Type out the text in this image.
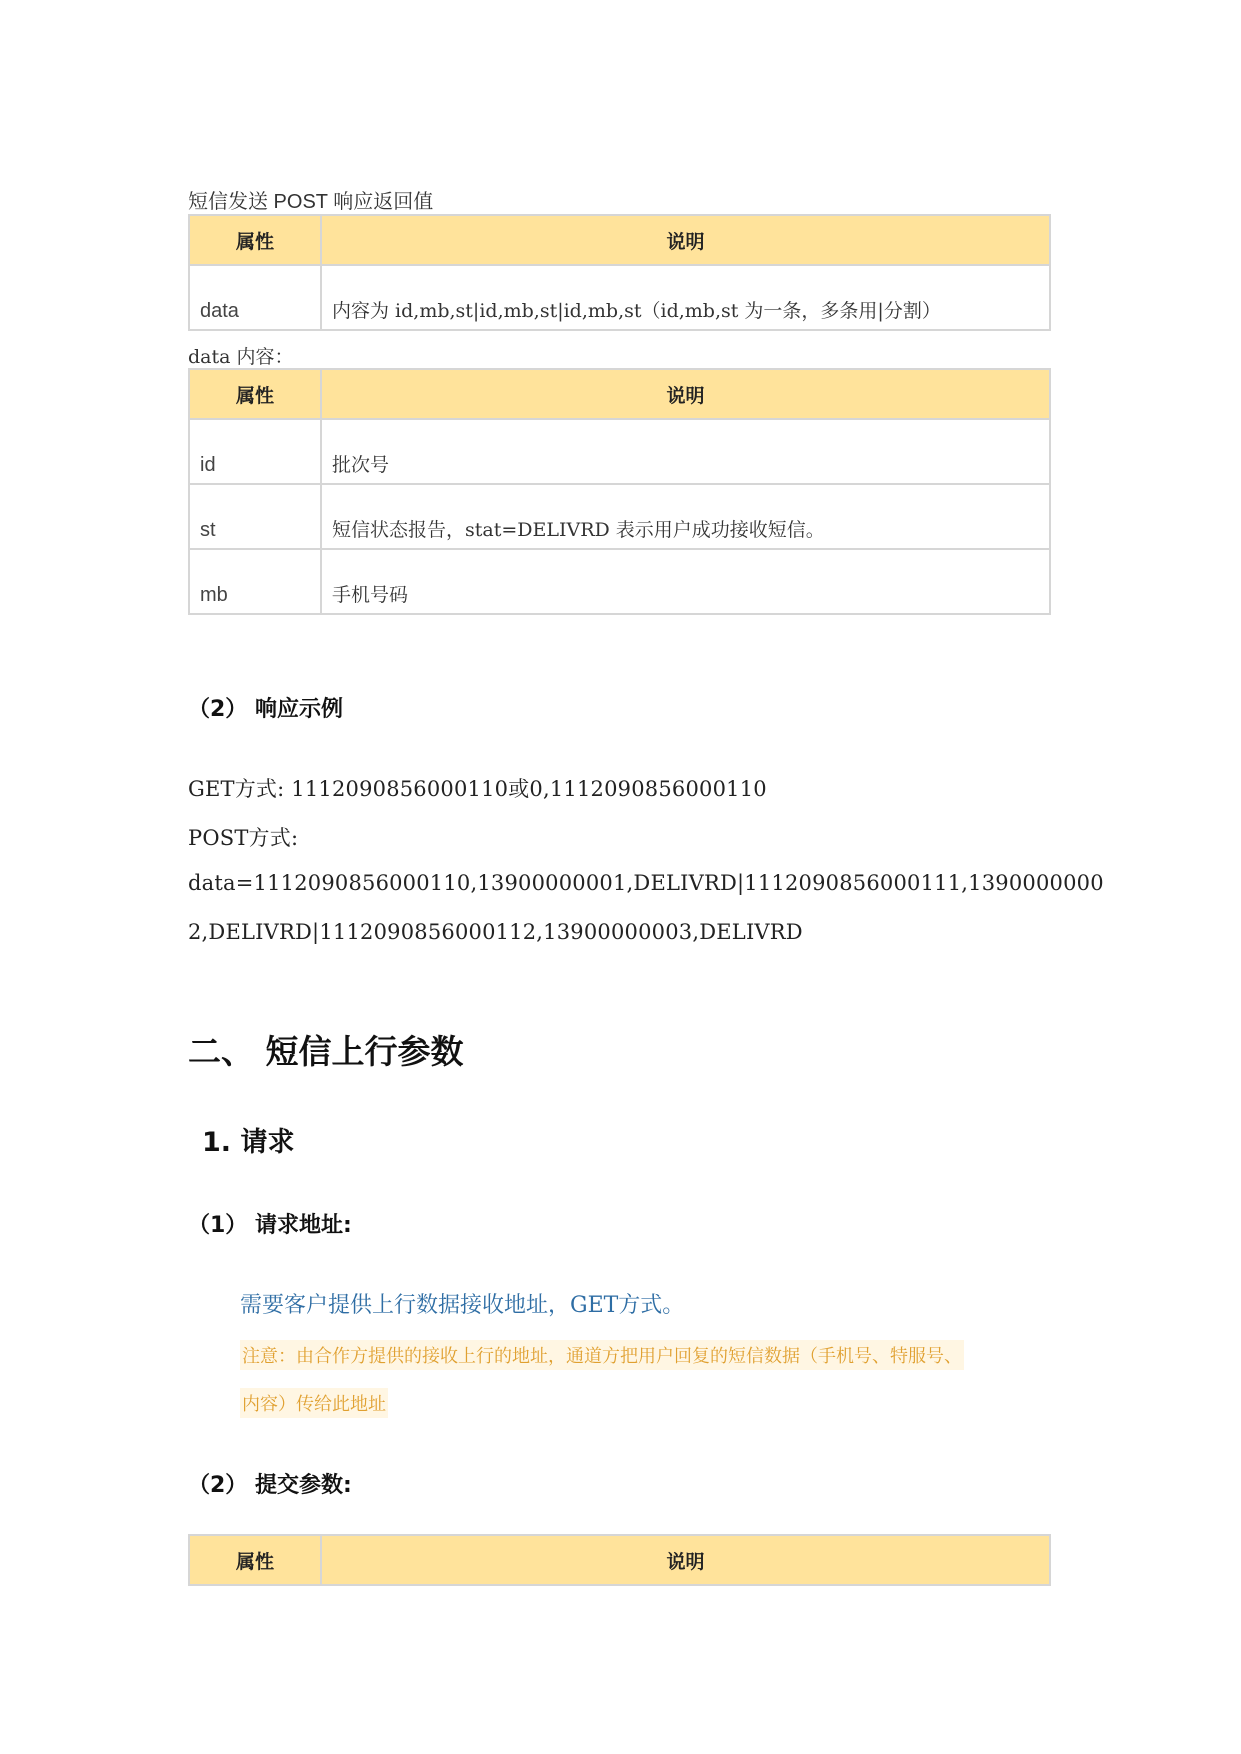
短信发送 POST 响应返回值
属性	说明
data	内容为 id,mb,st|id,mb,st|id,mb,st（id,mb,st 为一条，多条用|分割）
data 内容：
属性	说明
id	批次号
st	短信状态报告，stat=DELIVRD 表示用户成功接收短信。
mb	手机号码
（2） 响应示例
GET方式: 1112090856000110或0,1112090856000110
POST方式:
data=1112090856000110,13900000001,DELIVRD|1112090856000111,1390000000
2,DELIVRD|1112090856000112,13900000003,DELIVRD
二、 短信上行参数
1. 请求
（1） 请求地址:
需要客户提供上行数据接收地址，GET方式。
注意：由合作方提供的接收上行的地址，通道方把用户回复的短信数据（手机号、特服号、
内容）传给此地址
（2） 提交参数:
属性	说明
